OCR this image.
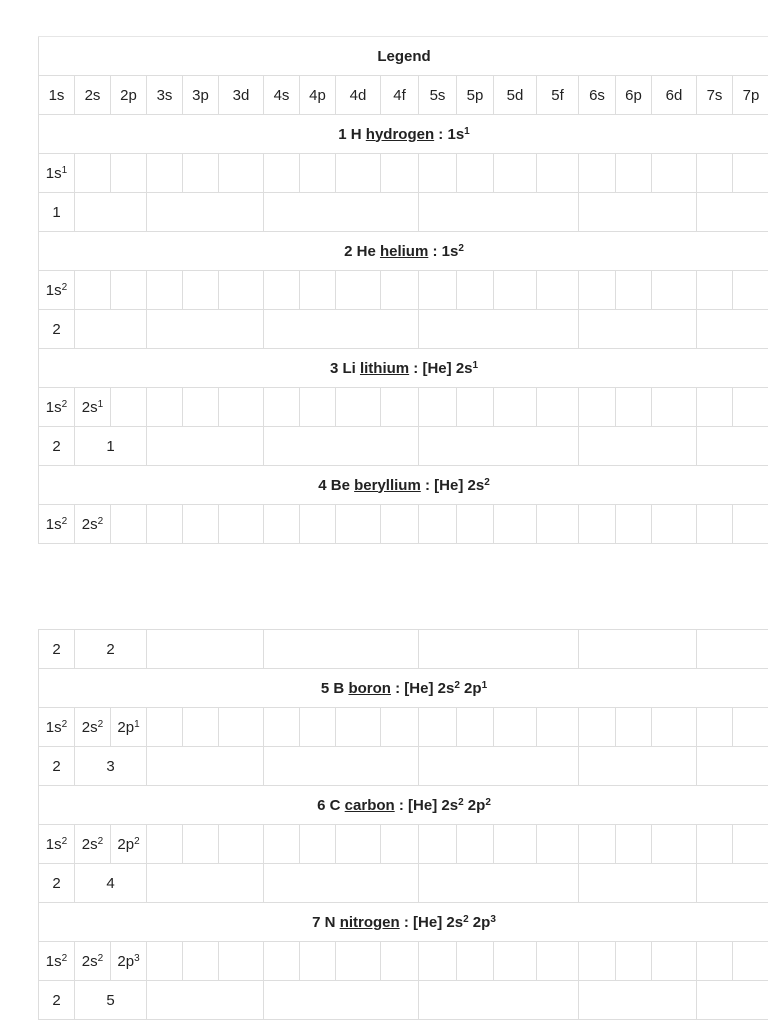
Legend																		
1s	2s	2p	3s	3p	3d	4s	4p	4d	4f	5s	5p	5d	5f	6s	6p	6d	7s	7p
1 H hydrogen : $1s^1$
$1s^1$																		
1																		
2 He helium : $1s^2$
$1s^2$																		
2																		
3 Li lithium : [He] $2s^1$
$1s^2$	$2s^1$																	
2	1																	
4 Be beryllium : [He] $2s^2$
$1s^2$	$2s^2$																	
2	2																	
5 B boron : [He] $2s^2$ $2p^1$
$1s^2$	$2s^2$	$2p^1$																
2	3																	
6 C carbon : [He] $2s^2$ $2p^2$
$1s^2$	$2s^2$	$2p^2$																
2	4																	
7 N nitrogen : [He] $2s^2$ $2p^3$
$1s^2$	$2s^2$	$2p^3$																
2	5																	
